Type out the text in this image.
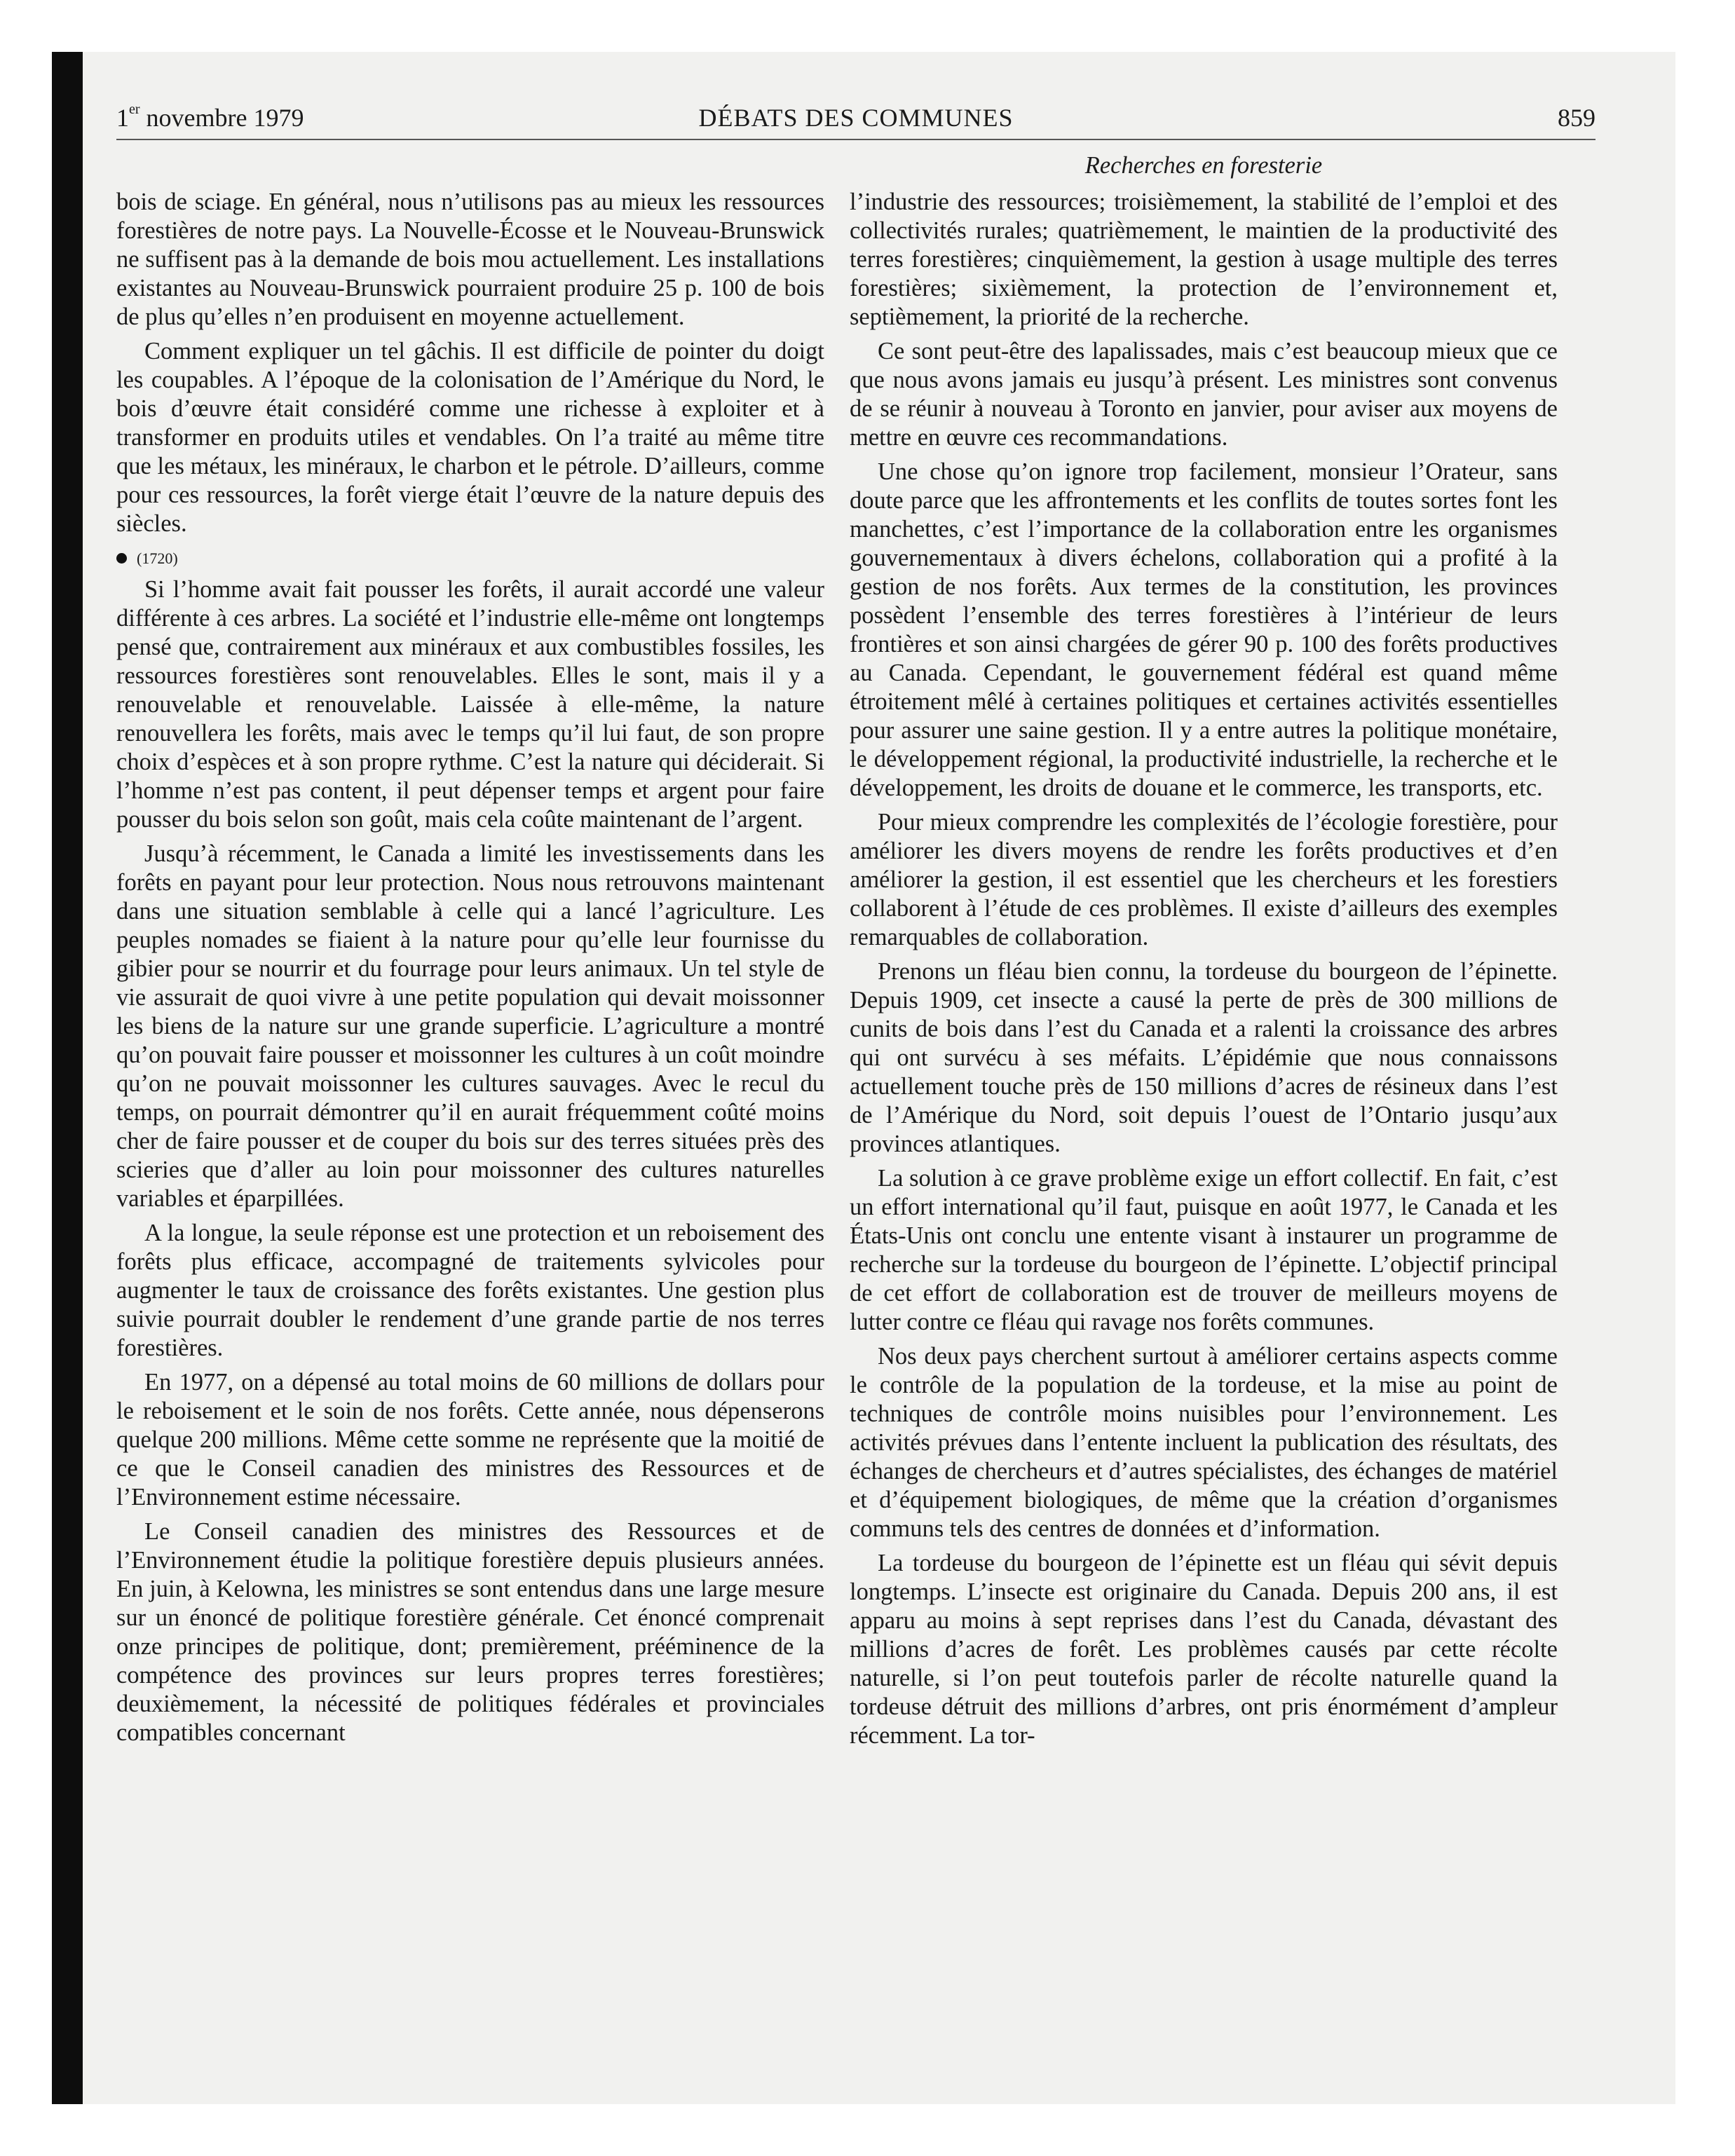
1er novembre 1979	DÉBATS DES COMMUNES	859
Recherches en foresterie

bois de sciage. En général, nous n’utilisons pas au mieux les ressources forestières de notre pays. La Nouvelle-Écosse et le Nouveau-Brunswick ne suffisent pas à la demande de bois mou actuellement. Les installations existantes au Nouveau-Brunswick pourraient produire 25 p. 100 de bois de plus qu’elles n’en produisent en moyenne actuellement.

Comment expliquer un tel gâchis. Il est difficile de pointer du doigt les coupables. A l’époque de la colonisation de l’Amérique du Nord, le bois d’œuvre était considéré comme une richesse à exploiter et à transformer en produits utiles et vendables. On l’a traité au même titre que les métaux, les minéraux, le charbon et le pétrole. D’ailleurs, comme pour ces ressources, la forêt vierge était l’œuvre de la nature depuis des siècles.

(1720)

Si l’homme avait fait pousser les forêts, il aurait accordé une valeur différente à ces arbres. La société et l’industrie elle-même ont longtemps pensé que, contrairement aux minéraux et aux combustibles fossiles, les ressources forestières sont renouvelables. Elles le sont, mais il y a renouvelable et renouvelable. Laissée à elle-même, la nature renouvellera les forêts, mais avec le temps qu’il lui faut, de son propre choix d’espèces et à son propre rythme. C’est la nature qui déciderait. Si l’homme n’est pas content, il peut dépenser temps et argent pour faire pousser du bois selon son goût, mais cela coûte maintenant de l’argent.

Jusqu’à récemment, le Canada a limité les investissements dans les forêts en payant pour leur protection. Nous nous retrouvons maintenant dans une situation semblable à celle qui a lancé l’agriculture. Les peuples nomades se fiaient à la nature pour qu’elle leur fournisse du gibier pour se nourrir et du fourrage pour leurs animaux. Un tel style de vie assurait de quoi vivre à une petite population qui devait moissonner les biens de la nature sur une grande superficie. L’agriculture a montré qu’on pouvait faire pousser et moissonner les cultures à un coût moindre qu’on ne pouvait moissonner les cultures sauvages. Avec le recul du temps, on pourrait démontrer qu’il en aurait fréquemment coûté moins cher de faire pousser et de couper du bois sur des terres situées près des scieries que d’aller au loin pour moissonner des cultures naturelles variables et éparpillées.

A la longue, la seule réponse est une protection et un reboisement des forêts plus efficace, accompagné de traitements sylvicoles pour augmenter le taux de croissance des forêts existantes. Une gestion plus suivie pourrait doubler le rendement d’une grande partie de nos terres forestières.

En 1977, on a dépensé au total moins de 60 millions de dollars pour le reboisement et le soin de nos forêts. Cette année, nous dépenserons quelque 200 millions. Même cette somme ne représente que la moitié de ce que le Conseil canadien des ministres des Ressources et de l’Environnement estime nécessaire.

Le Conseil canadien des ministres des Ressources et de l’Environnement étudie la politique forestière depuis plusieurs années. En juin, à Kelowna, les ministres se sont entendus dans une large mesure sur un énoncé de politique forestière générale. Cet énoncé comprenait onze principes de politique, dont; premièrement, prééminence de la compétence des provinces sur leurs propres terres forestières; deuxièmement, la nécessité de politiques fédérales et provinciales compatibles concernant

l’industrie des ressources; troisièmement, la stabilité de l’emploi et des collectivités rurales; quatrièmement, le maintien de la productivité des terres forestières; cinquièmement, la gestion à usage multiple des terres forestières; sixièmement, la protection de l’environnement et, septièmement, la priorité de la recherche.

Ce sont peut-être des lapalissades, mais c’est beaucoup mieux que ce que nous avons jamais eu jusqu’à présent. Les ministres sont convenus de se réunir à nouveau à Toronto en janvier, pour aviser aux moyens de mettre en œuvre ces recommandations.

Une chose qu’on ignore trop facilement, monsieur l’Orateur, sans doute parce que les affrontements et les conflits de toutes sortes font les manchettes, c’est l’importance de la collaboration entre les organismes gouvernementaux à divers échelons, collaboration qui a profité à la gestion de nos forêts. Aux termes de la constitution, les provinces possèdent l’ensemble des terres forestières à l’intérieur de leurs frontières et son ainsi chargées de gérer 90 p. 100 des forêts productives au Canada. Cependant, le gouvernement fédéral est quand même étroitement mêlé à certaines politiques et certaines activités essentielles pour assurer une saine gestion. Il y a entre autres la politique monétaire, le développement régional, la productivité industrielle, la recherche et le développement, les droits de douane et le commerce, les transports, etc.

Pour mieux comprendre les complexités de l’écologie forestière, pour améliorer les divers moyens de rendre les forêts productives et d’en améliorer la gestion, il est essentiel que les chercheurs et les forestiers collaborent à l’étude de ces problèmes. Il existe d’ailleurs des exemples remarquables de collaboration.

Prenons un fléau bien connu, la tordeuse du bourgeon de l’épinette. Depuis 1909, cet insecte a causé la perte de près de 300 millions de cunits de bois dans l’est du Canada et a ralenti la croissance des arbres qui ont survécu à ses méfaits. L’épidémie que nous connaissons actuellement touche près de 150 millions d’acres de résineux dans l’est de l’Amérique du Nord, soit depuis l’ouest de l’Ontario jusqu’aux provinces atlantiques.

La solution à ce grave problème exige un effort collectif. En fait, c’est un effort international qu’il faut, puisque en août 1977, le Canada et les États-Unis ont conclu une entente visant à instaurer un programme de recherche sur la tordeuse du bourgeon de l’épinette. L’objectif principal de cet effort de collaboration est de trouver de meilleurs moyens de lutter contre ce fléau qui ravage nos forêts communes.

Nos deux pays cherchent surtout à améliorer certains aspects comme le contrôle de la population de la tordeuse, et la mise au point de techniques de contrôle moins nuisibles pour l’environnement. Les activités prévues dans l’entente incluent la publication des résultats, des échanges de chercheurs et d’autres spécialistes, des échanges de matériel et d’équipement biologiques, de même que la création d’organismes communs tels des centres de données et d’information.

La tordeuse du bourgeon de l’épinette est un fléau qui sévit depuis longtemps. L’insecte est originaire du Canada. Depuis 200 ans, il est apparu au moins à sept reprises dans l’est du Canada, dévastant des millions d’acres de forêt. Les problèmes causés par cette récolte naturelle, si l’on peut toutefois parler de récolte naturelle quand la tordeuse détruit des millions d’arbres, ont pris énormément d’ampleur récemment. La tor-
